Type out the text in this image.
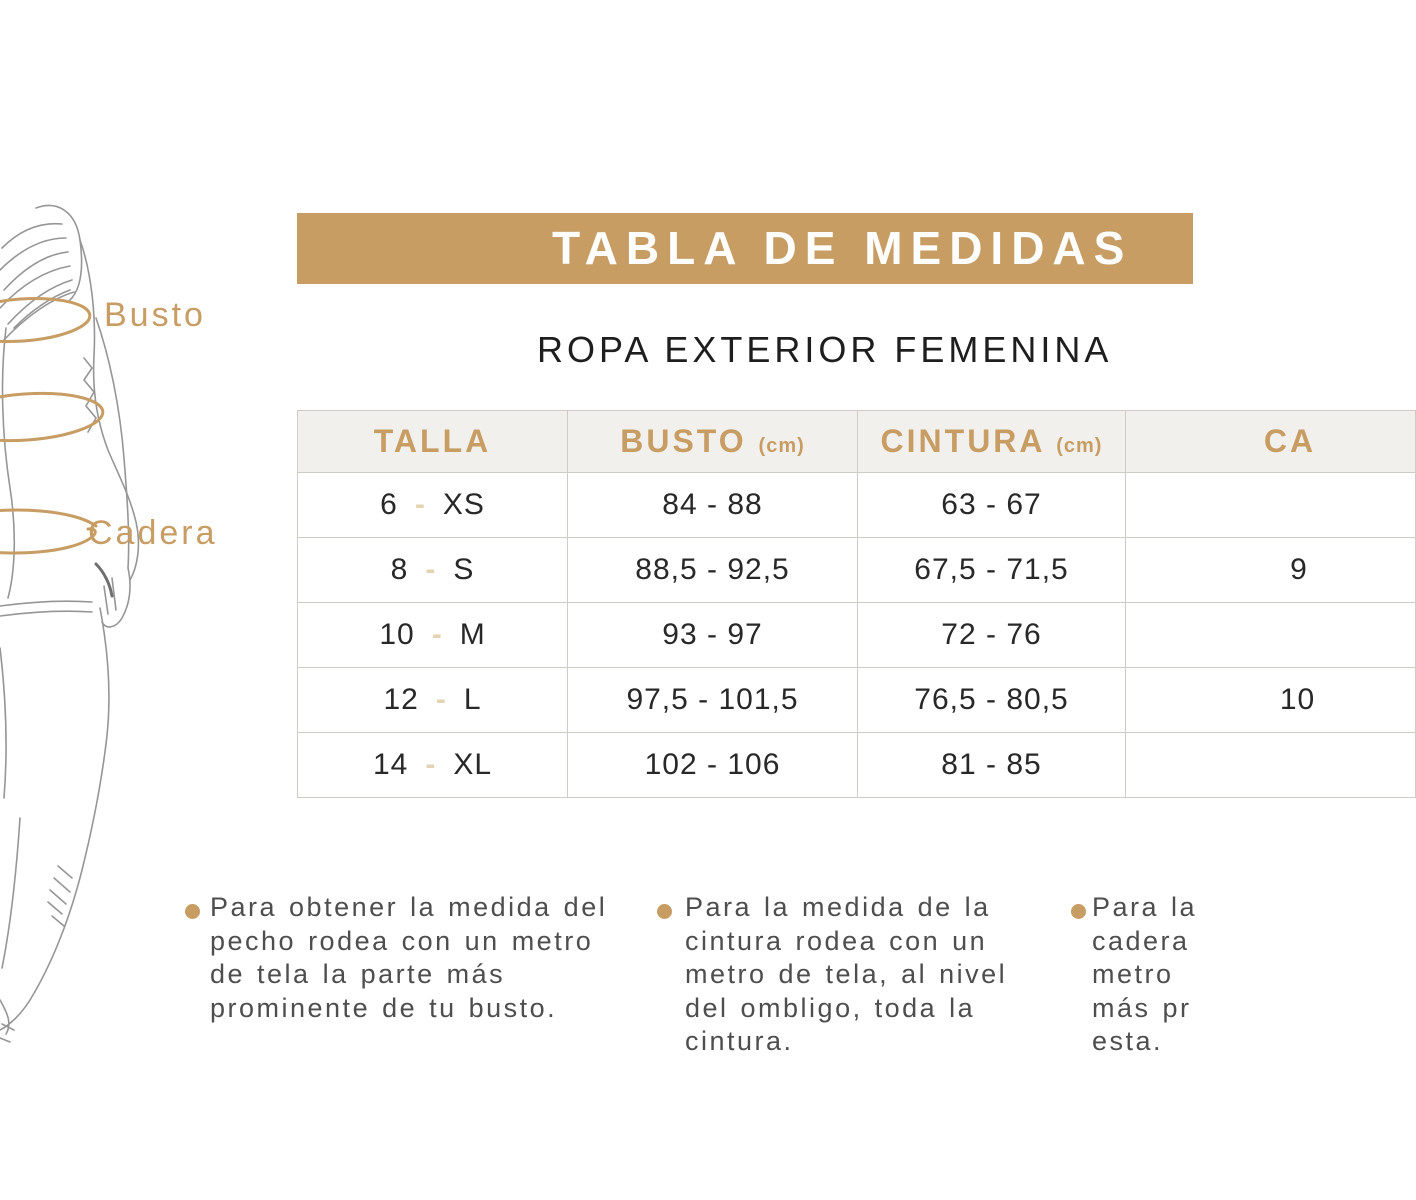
Busto
Cadera
TABLA DE MEDIDAS
ROPA EXTERIOR FEMENINA
TALLA	BUSTO (cm)	CINTURA (cm)	CA
6 - XS	84 - 88	63 - 67	
8 - S	88,5 - 92,5	67,5 - 71,5	9
10 - M	93 - 97	72 - 76	
12 - L	97,5 - 101,5	76,5 - 80,5	10
14 - XL	102 - 106	81 - 85	
Para obtener la medida del
pecho rodea con un metro
de tela la parte más
prominente de tu busto.
Para la medida de la
cintura rodea con un
metro de tela, al nivel
del ombligo, toda la
cintura.
Para la
cadera
metro
más pr
esta.
